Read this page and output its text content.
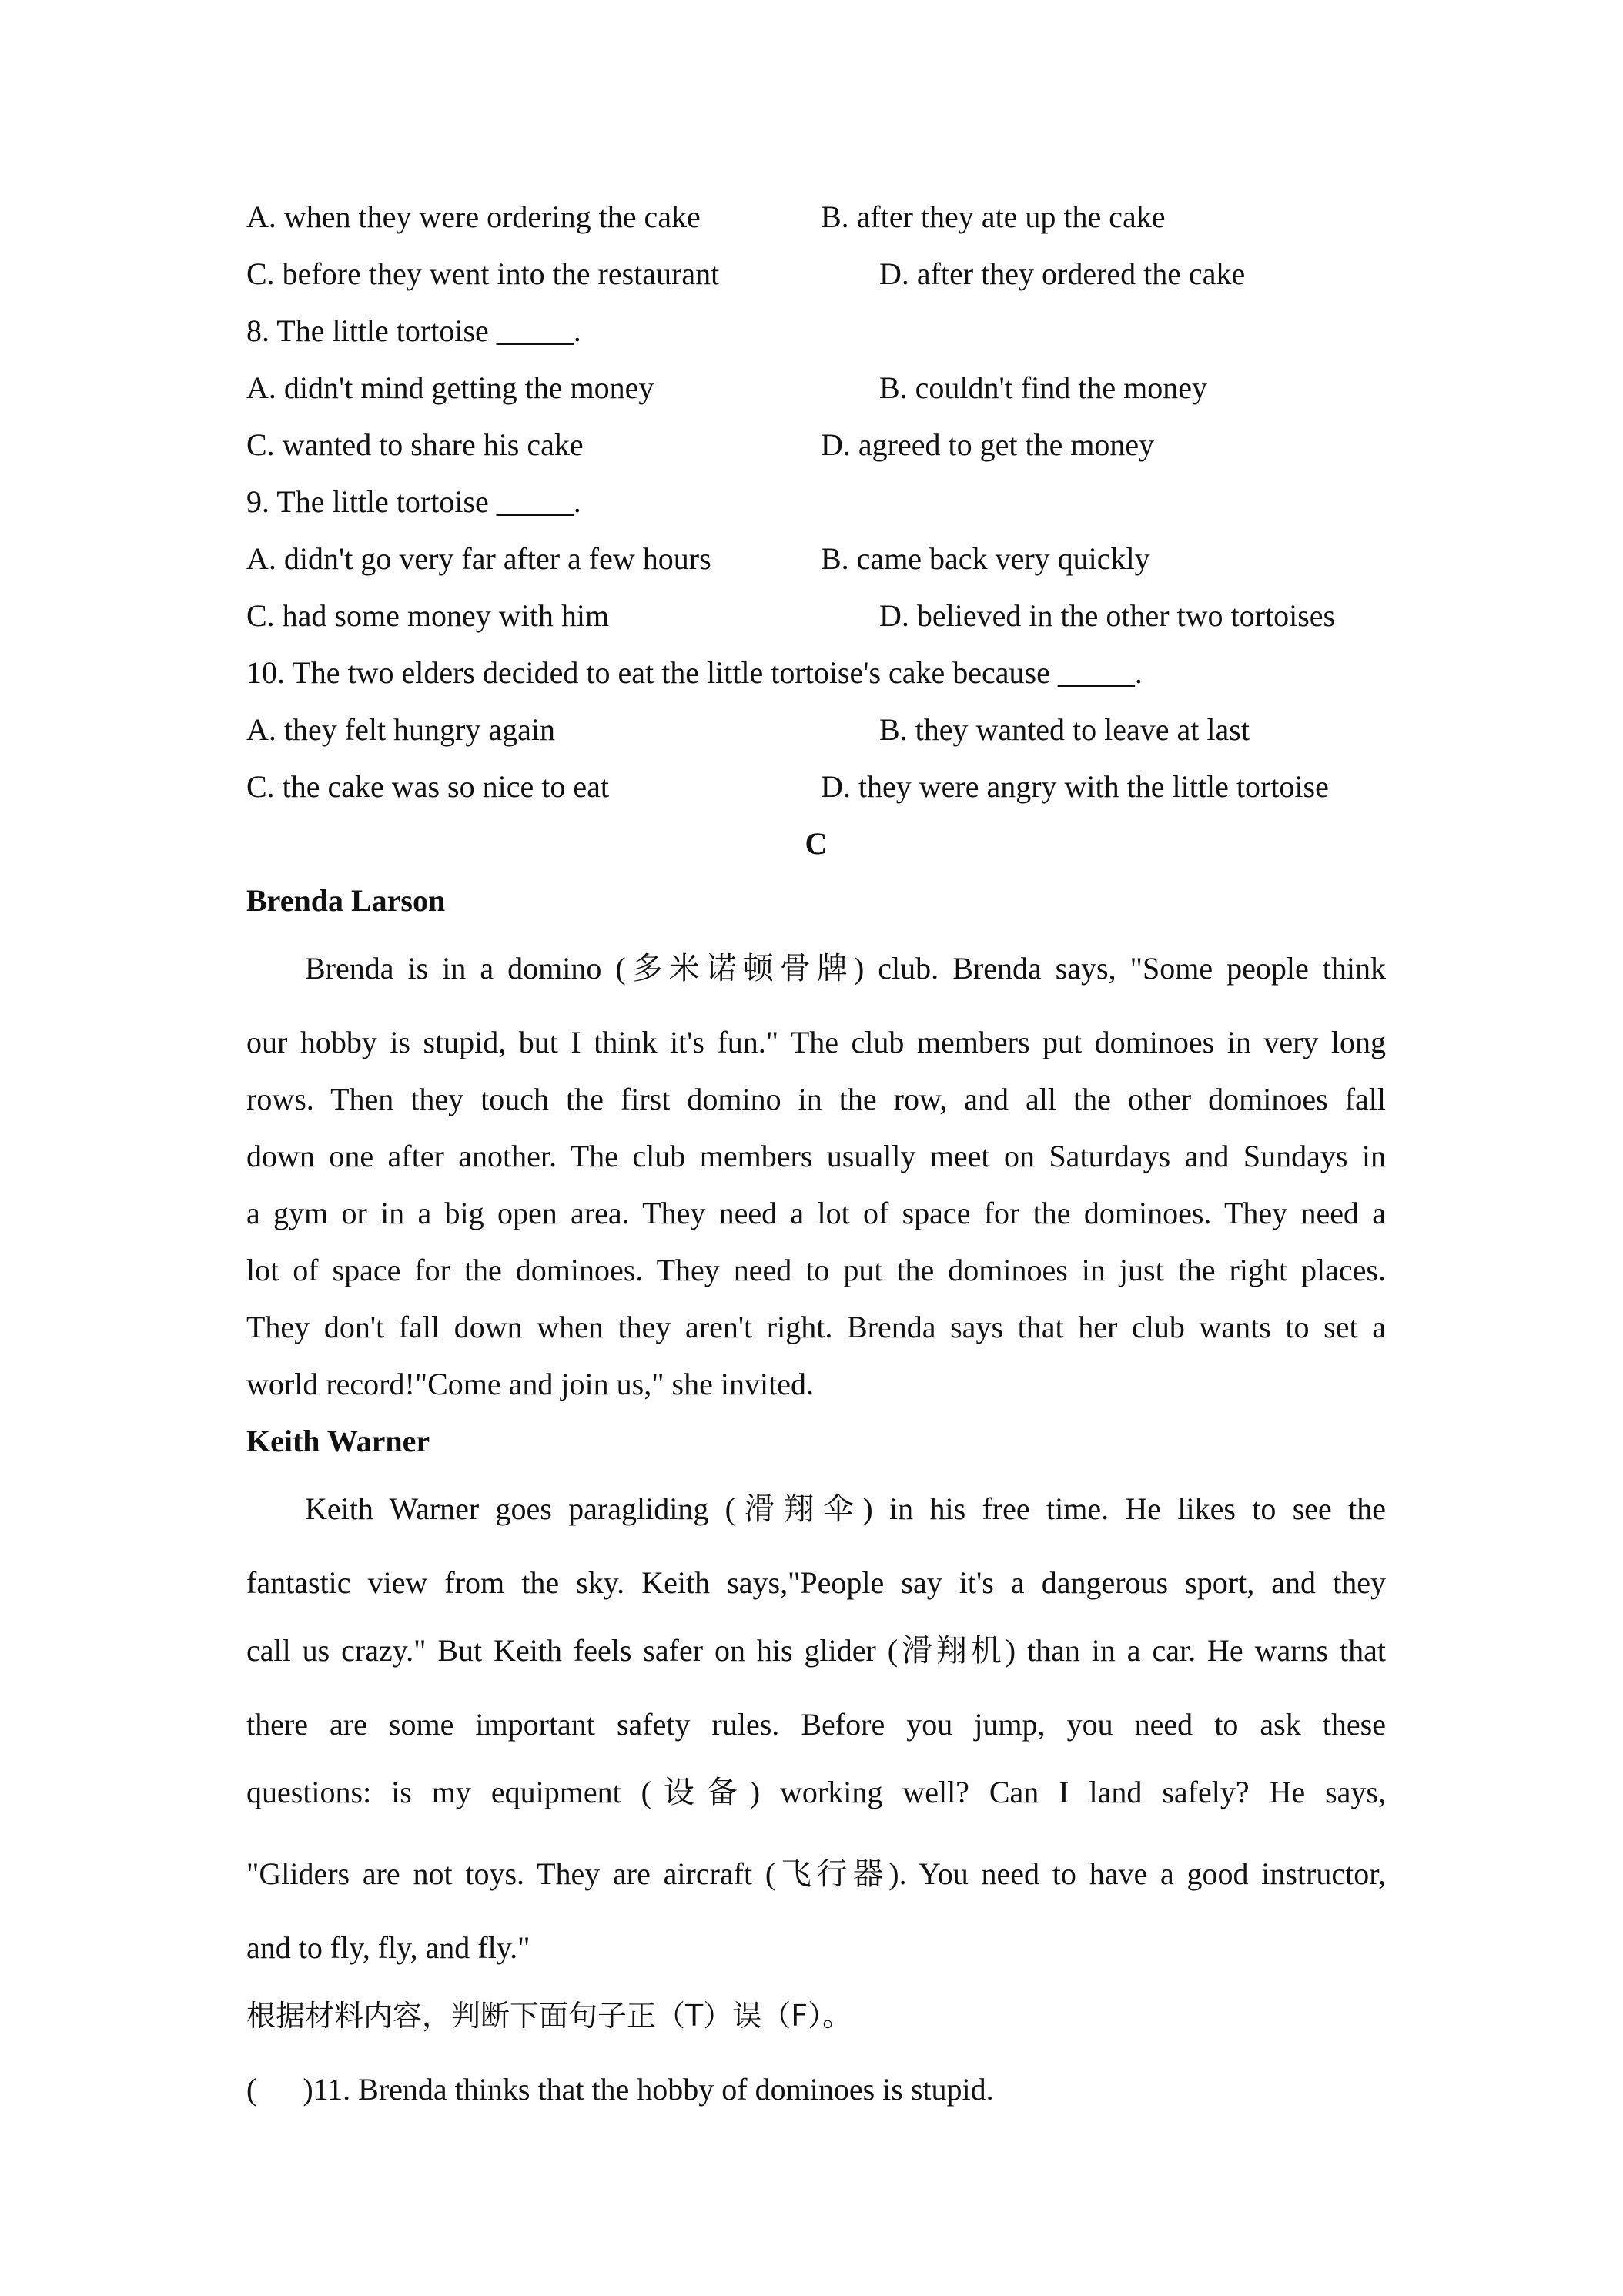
A. when they were ordering the cake	B. after they ate up the cake
C. before they went into the restaurant	D. after they ordered the cake
8. The little tortoise _____.
A. didn't mind getting the money	B. couldn't find the money
C. wanted to share his cake	D. agreed to get the money
9. The little tortoise _____.
A. didn't go very far after a few hours	B. came back very quickly
C. had some money with him	D. believed in the other two tortoises
10. The two elders decided to eat the little tortoise's cake because _____.
A. they felt hungry again	B. they wanted to leave at last
C. the cake was so nice to eat	D. they were angry with the little tortoise
C
Brenda Larson
Brenda is in a domino (多米诺顿骨牌) club. Brenda says, "Some people think
our hobby is stupid, but I think it's fun." The club members put dominoes in very long
rows. Then they touch the first domino in the row, and all the other dominoes fall
down one after another. The club members usually meet on Saturdays and Sundays in
a gym or in a big open area. They need a lot of space for the dominoes. They need a
lot of space for the dominoes. They need to put the dominoes in just the right places.
They don't fall down when they aren't right. Brenda says that her club wants to set a
world record!"Come and join us," she invited.
Keith Warner
Keith Warner goes paragliding (滑翔伞) in his free time. He likes to see the
fantastic view from the sky. Keith says,"People say it's a dangerous sport, and they
call us crazy." But Keith feels safer on his glider (滑翔机) than in a car. He warns that
there are some important safety rules. Before you jump, you need to ask these
questions: is my equipment (设备) working well? Can I land safely? He says,
"Gliders are not toys. They are aircraft (飞行器). You need to have a good instructor,
and to fly, fly, and fly."
根据材料内容，判断下面句子正（T）误（F）。
(      )11. Brenda thinks that the hobby of dominoes is stupid.
